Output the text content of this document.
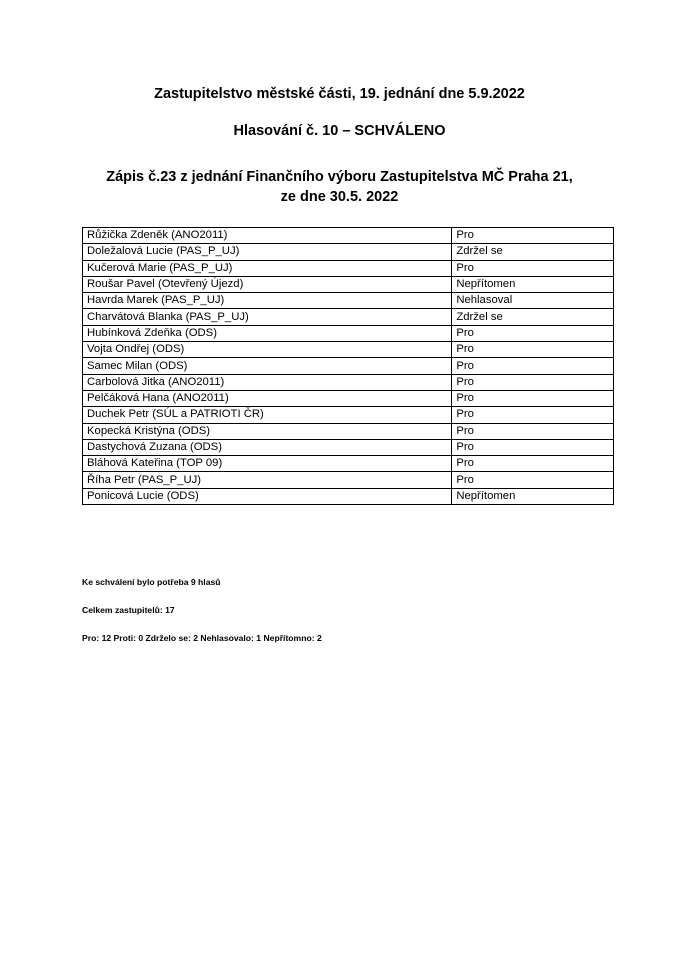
Zastupitelstvo městské části, 19. jednání dne 5.9.2022
Hlasování č. 10 – SCHVÁLENO
Zápis č.23 z jednání Finančního výboru Zastupitelstva MČ Praha 21,
ze dne 30.5. 2022
Růžička Zdeněk (ANO2011)	Pro
Doležalová Lucie (PAS_P_UJ)	Zdržel se
Kučerová Marie (PAS_P_UJ)	Pro
Roušar Pavel (Otevřený Újezd)	Nepřítomen
Havrda Marek (PAS_P_UJ)	Nehlasoval
Charvátová Blanka (PAS_P_UJ)	Zdržel se
Hubínková Zdeňka (ODS)	Pro
Vojta Ondřej (ODS)	Pro
Samec Milan (ODS)	Pro
Carbolová Jitka (ANO2011)	Pro
Pelčáková Hana (ANO2011)	Pro
Duchek Petr (SÚL a PATRIOTI ČR)	Pro
Kopecká Kristýna (ODS)	Pro
Dastychová Zuzana (ODS)	Pro
Bláhová Kateřina (TOP 09)	Pro
Říha Petr (PAS_P_UJ)	Pro
Ponicová Lucie (ODS)	Nepřítomen
Ke schválení bylo potřeba 9 hlasů
Celkem zastupitelů: 17
Pro: 12 Proti: 0 Zdrželo se: 2 Nehlasovalo: 1 Nepřítomno: 2
